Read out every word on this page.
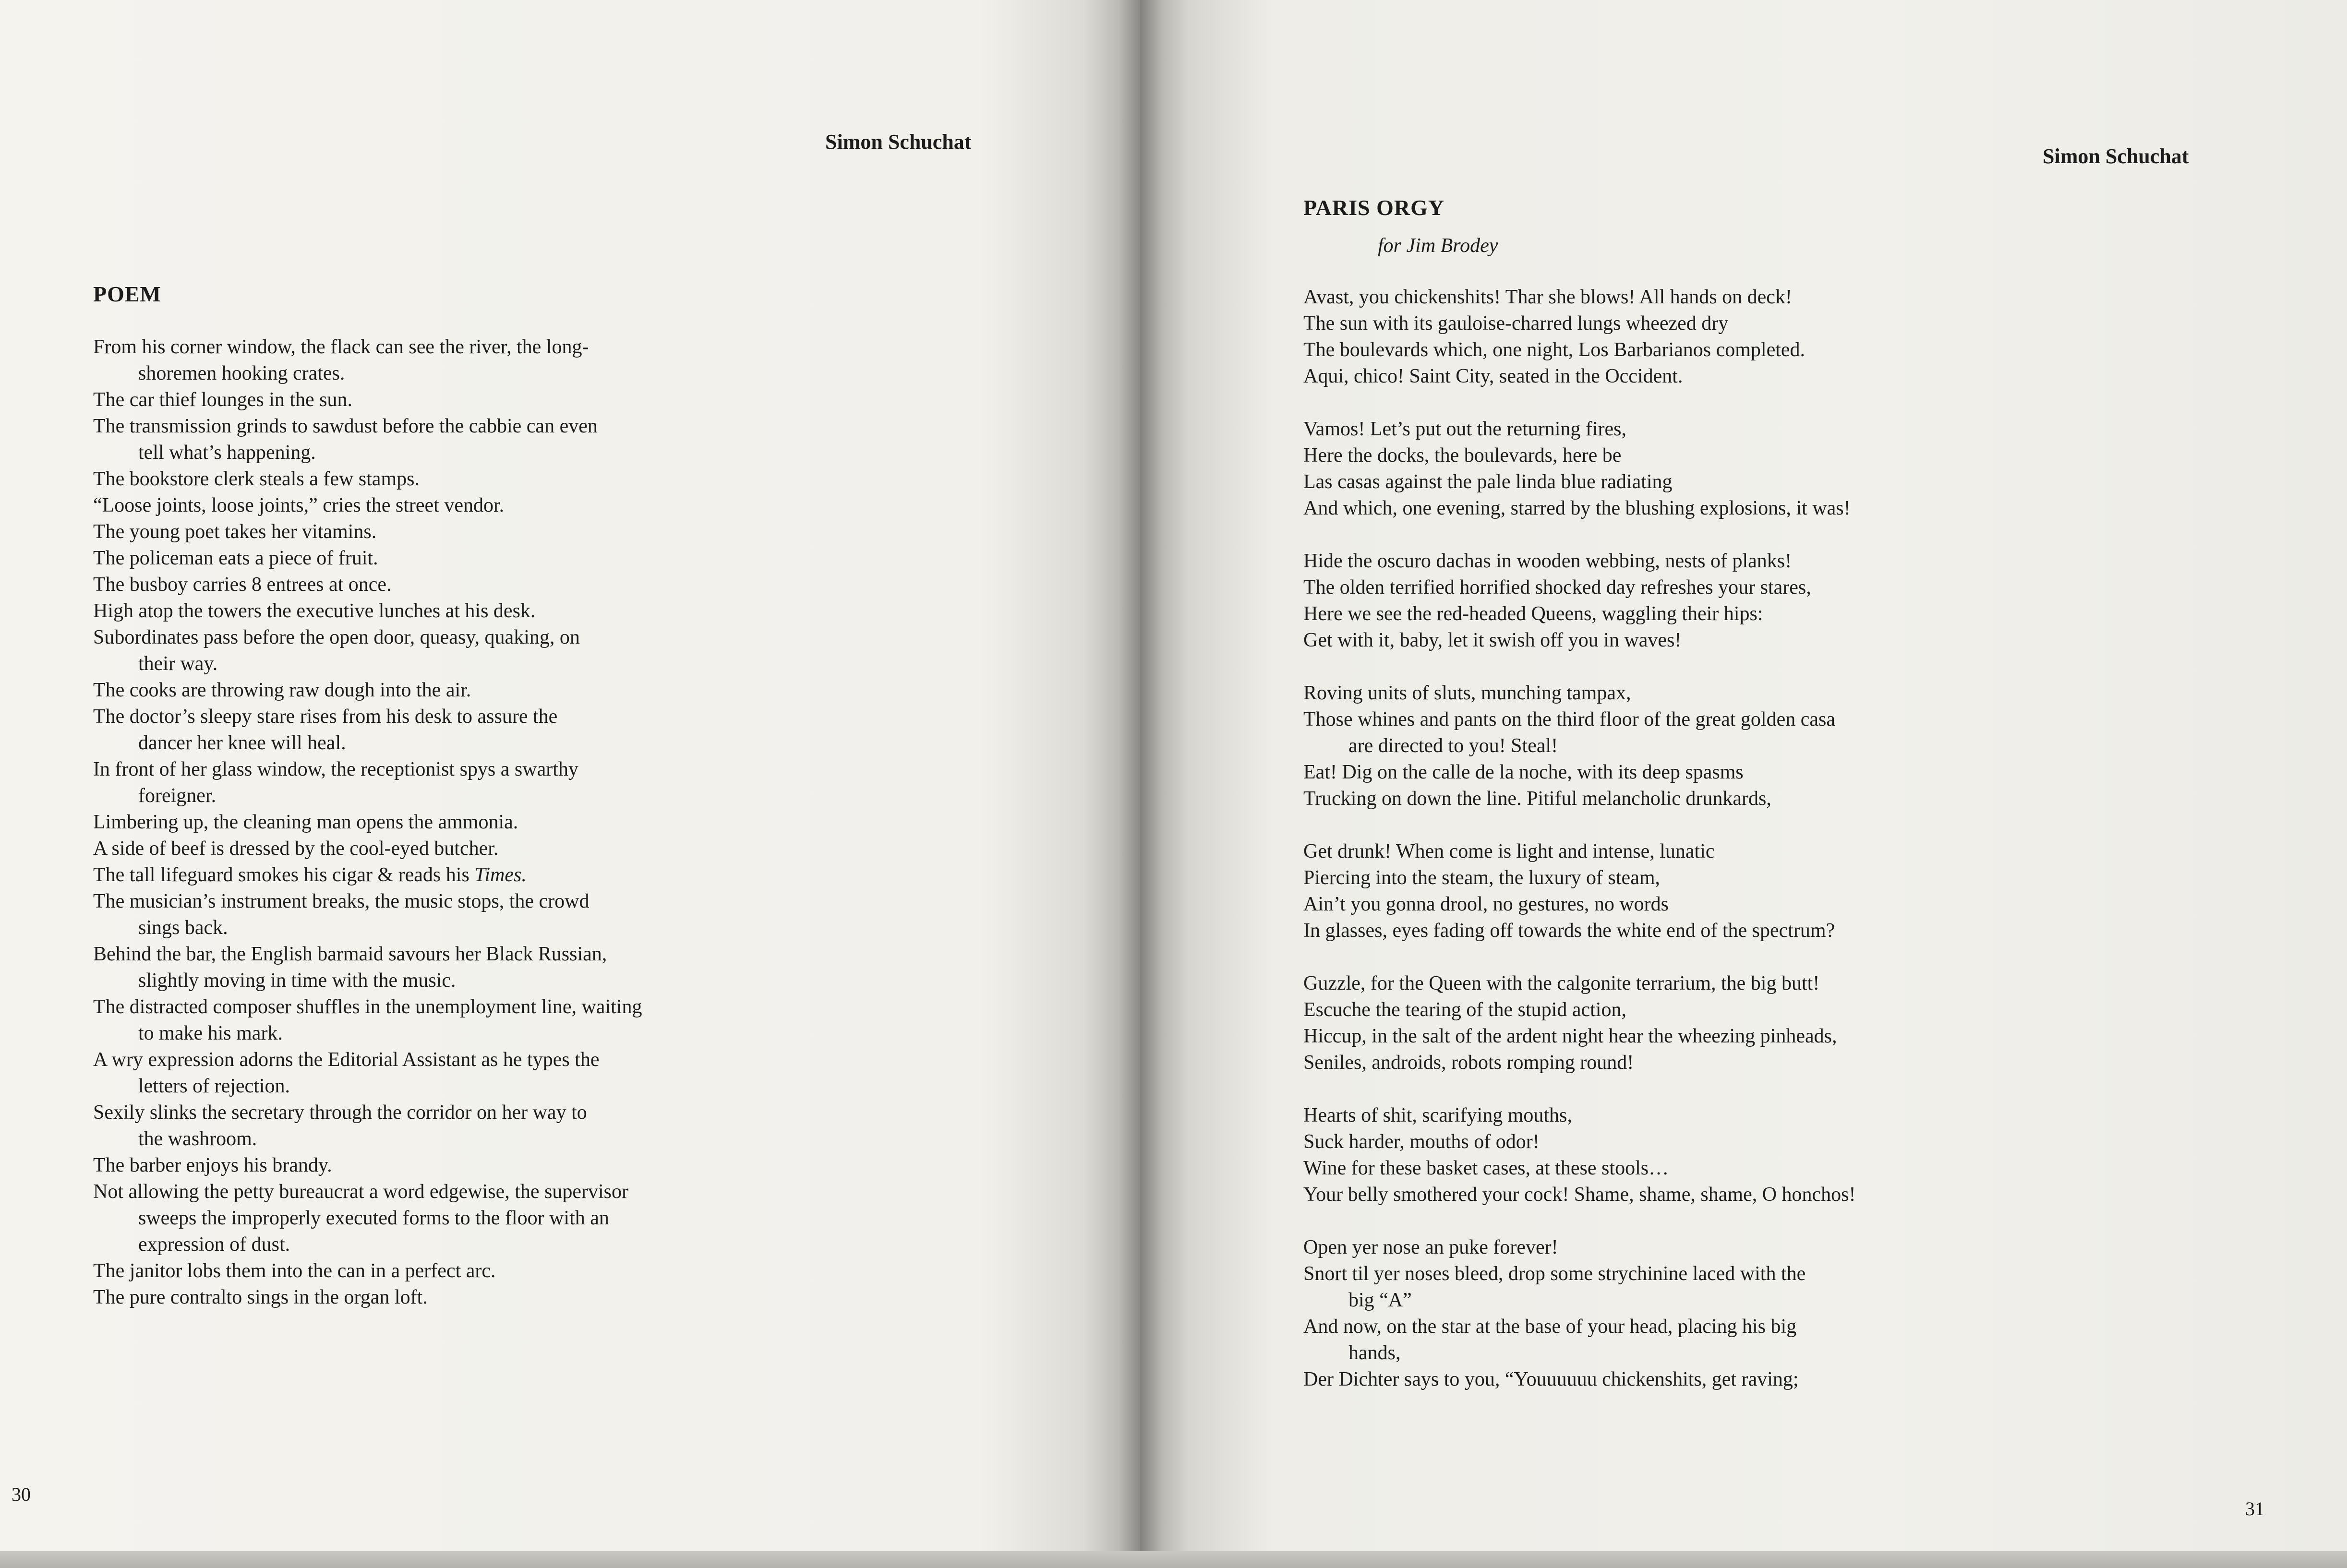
Simon Schuchat
POEM
From his corner window, the flack can see the river, the long-
shoremen hooking crates.
The car thief lounges in the sun.
The transmission grinds to sawdust before the cabbie can even
tell what’s happening.
The bookstore clerk steals a few stamps.
“Loose joints, loose joints,” cries the street vendor.
The young poet takes her vitamins.
The policeman eats a piece of fruit.
The busboy carries 8 entrees at once.
High atop the towers the executive lunches at his desk.
Subordinates pass before the open door, queasy, quaking, on
their way.
The cooks are throwing raw dough into the air.
The doctor’s sleepy stare rises from his desk to assure the
dancer her knee will heal.
In front of her glass window, the receptionist spys a swarthy
foreigner.
Limbering up, the cleaning man opens the ammonia.
A side of beef is dressed by the cool-eyed butcher.
The tall lifeguard smokes his cigar & reads his Times.
The musician’s instrument breaks, the music stops, the crowd
sings back.
Behind the bar, the English barmaid savours her Black Russian,
slightly moving in time with the music.
The distracted composer shuffles in the unemployment line, waiting
to make his mark.
A wry expression adorns the Editorial Assistant as he types the
letters of rejection.
Sexily slinks the secretary through the corridor on her way to
the washroom.
The barber enjoys his brandy.
Not allowing the petty bureaucrat a word edgewise, the supervisor
sweeps the improperly executed forms to the floor with an
expression of dust.
The janitor lobs them into the can in a perfect arc.
The pure contralto sings in the organ loft.
30
Simon Schuchat
PARIS ORGY
for Jim Brodey
Avast, you chickenshits! Thar she blows! All hands on deck!
The sun with its gauloise-charred lungs wheezed dry
The boulevards which, one night, Los Barbarianos completed.
Aqui, chico! Saint City, seated in the Occident.
Vamos! Let’s put out the returning fires,
Here the docks, the boulevards, here be
Las casas against the pale linda blue radiating
And which, one evening, starred by the blushing explosions, it was!
Hide the oscuro dachas in wooden webbing, nests of planks!
The olden terrified horrified shocked day refreshes your stares,
Here we see the red-headed Queens, waggling their hips:
Get with it, baby, let it swish off you in waves!
Roving units of sluts, munching tampax,
Those whines and pants on the third floor of the great golden casa
are directed to you! Steal!
Eat! Dig on the calle de la noche, with its deep spasms
Trucking on down the line. Pitiful melancholic drunkards,
Get drunk! When come is light and intense, lunatic
Piercing into the steam, the luxury of steam,
Ain’t you gonna drool, no gestures, no words
In glasses, eyes fading off towards the white end of the spectrum?
Guzzle, for the Queen with the calgonite terrarium, the big butt!
Escuche the tearing of the stupid action,
Hiccup, in the salt of the ardent night hear the wheezing pinheads,
Seniles, androids, robots romping round!
Hearts of shit, scarifying mouths,
Suck harder, mouths of odor!
Wine for these basket cases, at these stools…
Your belly smothered your cock! Shame, shame, shame, O honchos!
Open yer nose an puke forever!
Snort til yer noses bleed, drop some strychinine laced with the
big “A”
And now, on the star at the base of your head, placing his big
hands,
Der Dichter says to you, “Youuuuuu chickenshits, get raving;
31
